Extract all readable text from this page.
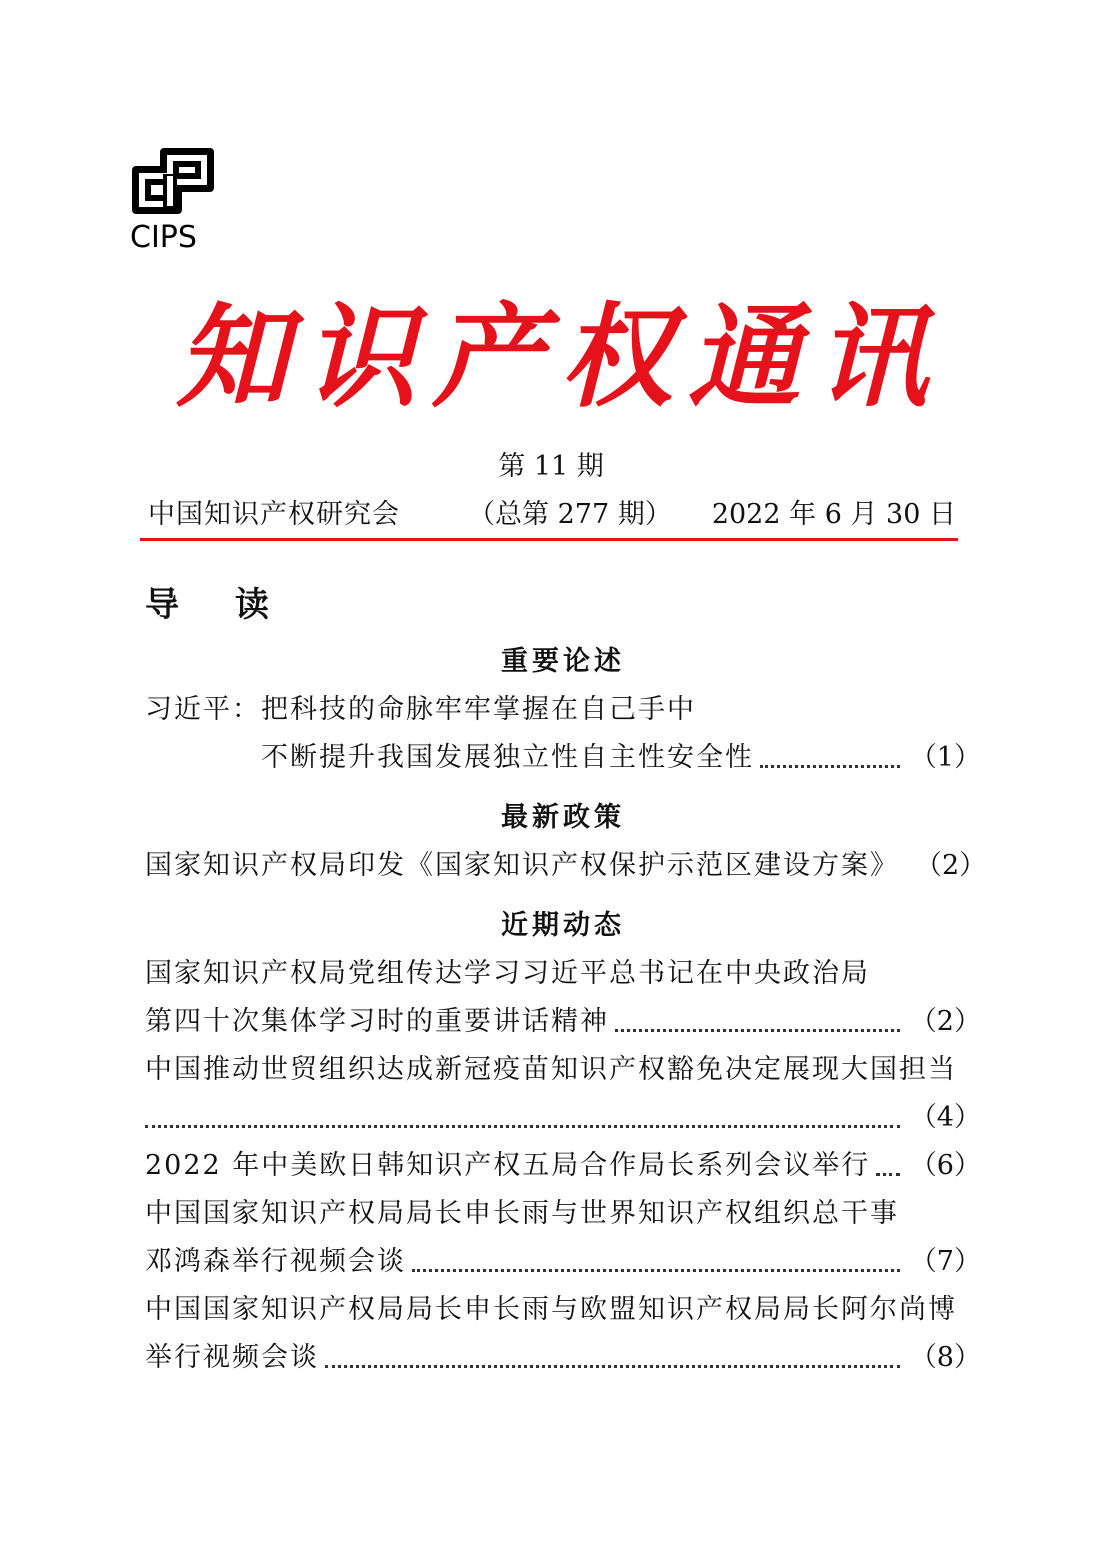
CIPS
知识产权通讯
第 11 期
中国知识产权研究会	（总第 277 期） 2022 年 6 月 30 日
导 读
重要论述
习近平：把科技的命脉牢牢掌握在自己手中
不断提升我国发展独立性自主性安全性	（1）
最新政策
国家知识产权局印发《国家知识产权保护示范区建设方案》 （2）
近期动态
国家知识产权局党组传达学习习近平总书记在中央政治局
第四十次集体学习时的重要讲话精神	（2）
中国推动世贸组织达成新冠疫苗知识产权豁免决定展现大国担当
（4）
2022 年中美欧日韩知识产权五局合作局长系列会议举行 （6）
中国国家知识产权局局长申长雨与世界知识产权组织总干事
邓鸿森举行视频会谈	（7）
中国国家知识产权局局长申长雨与欧盟知识产权局局长阿尔尚博
举行视频会谈	（8）
